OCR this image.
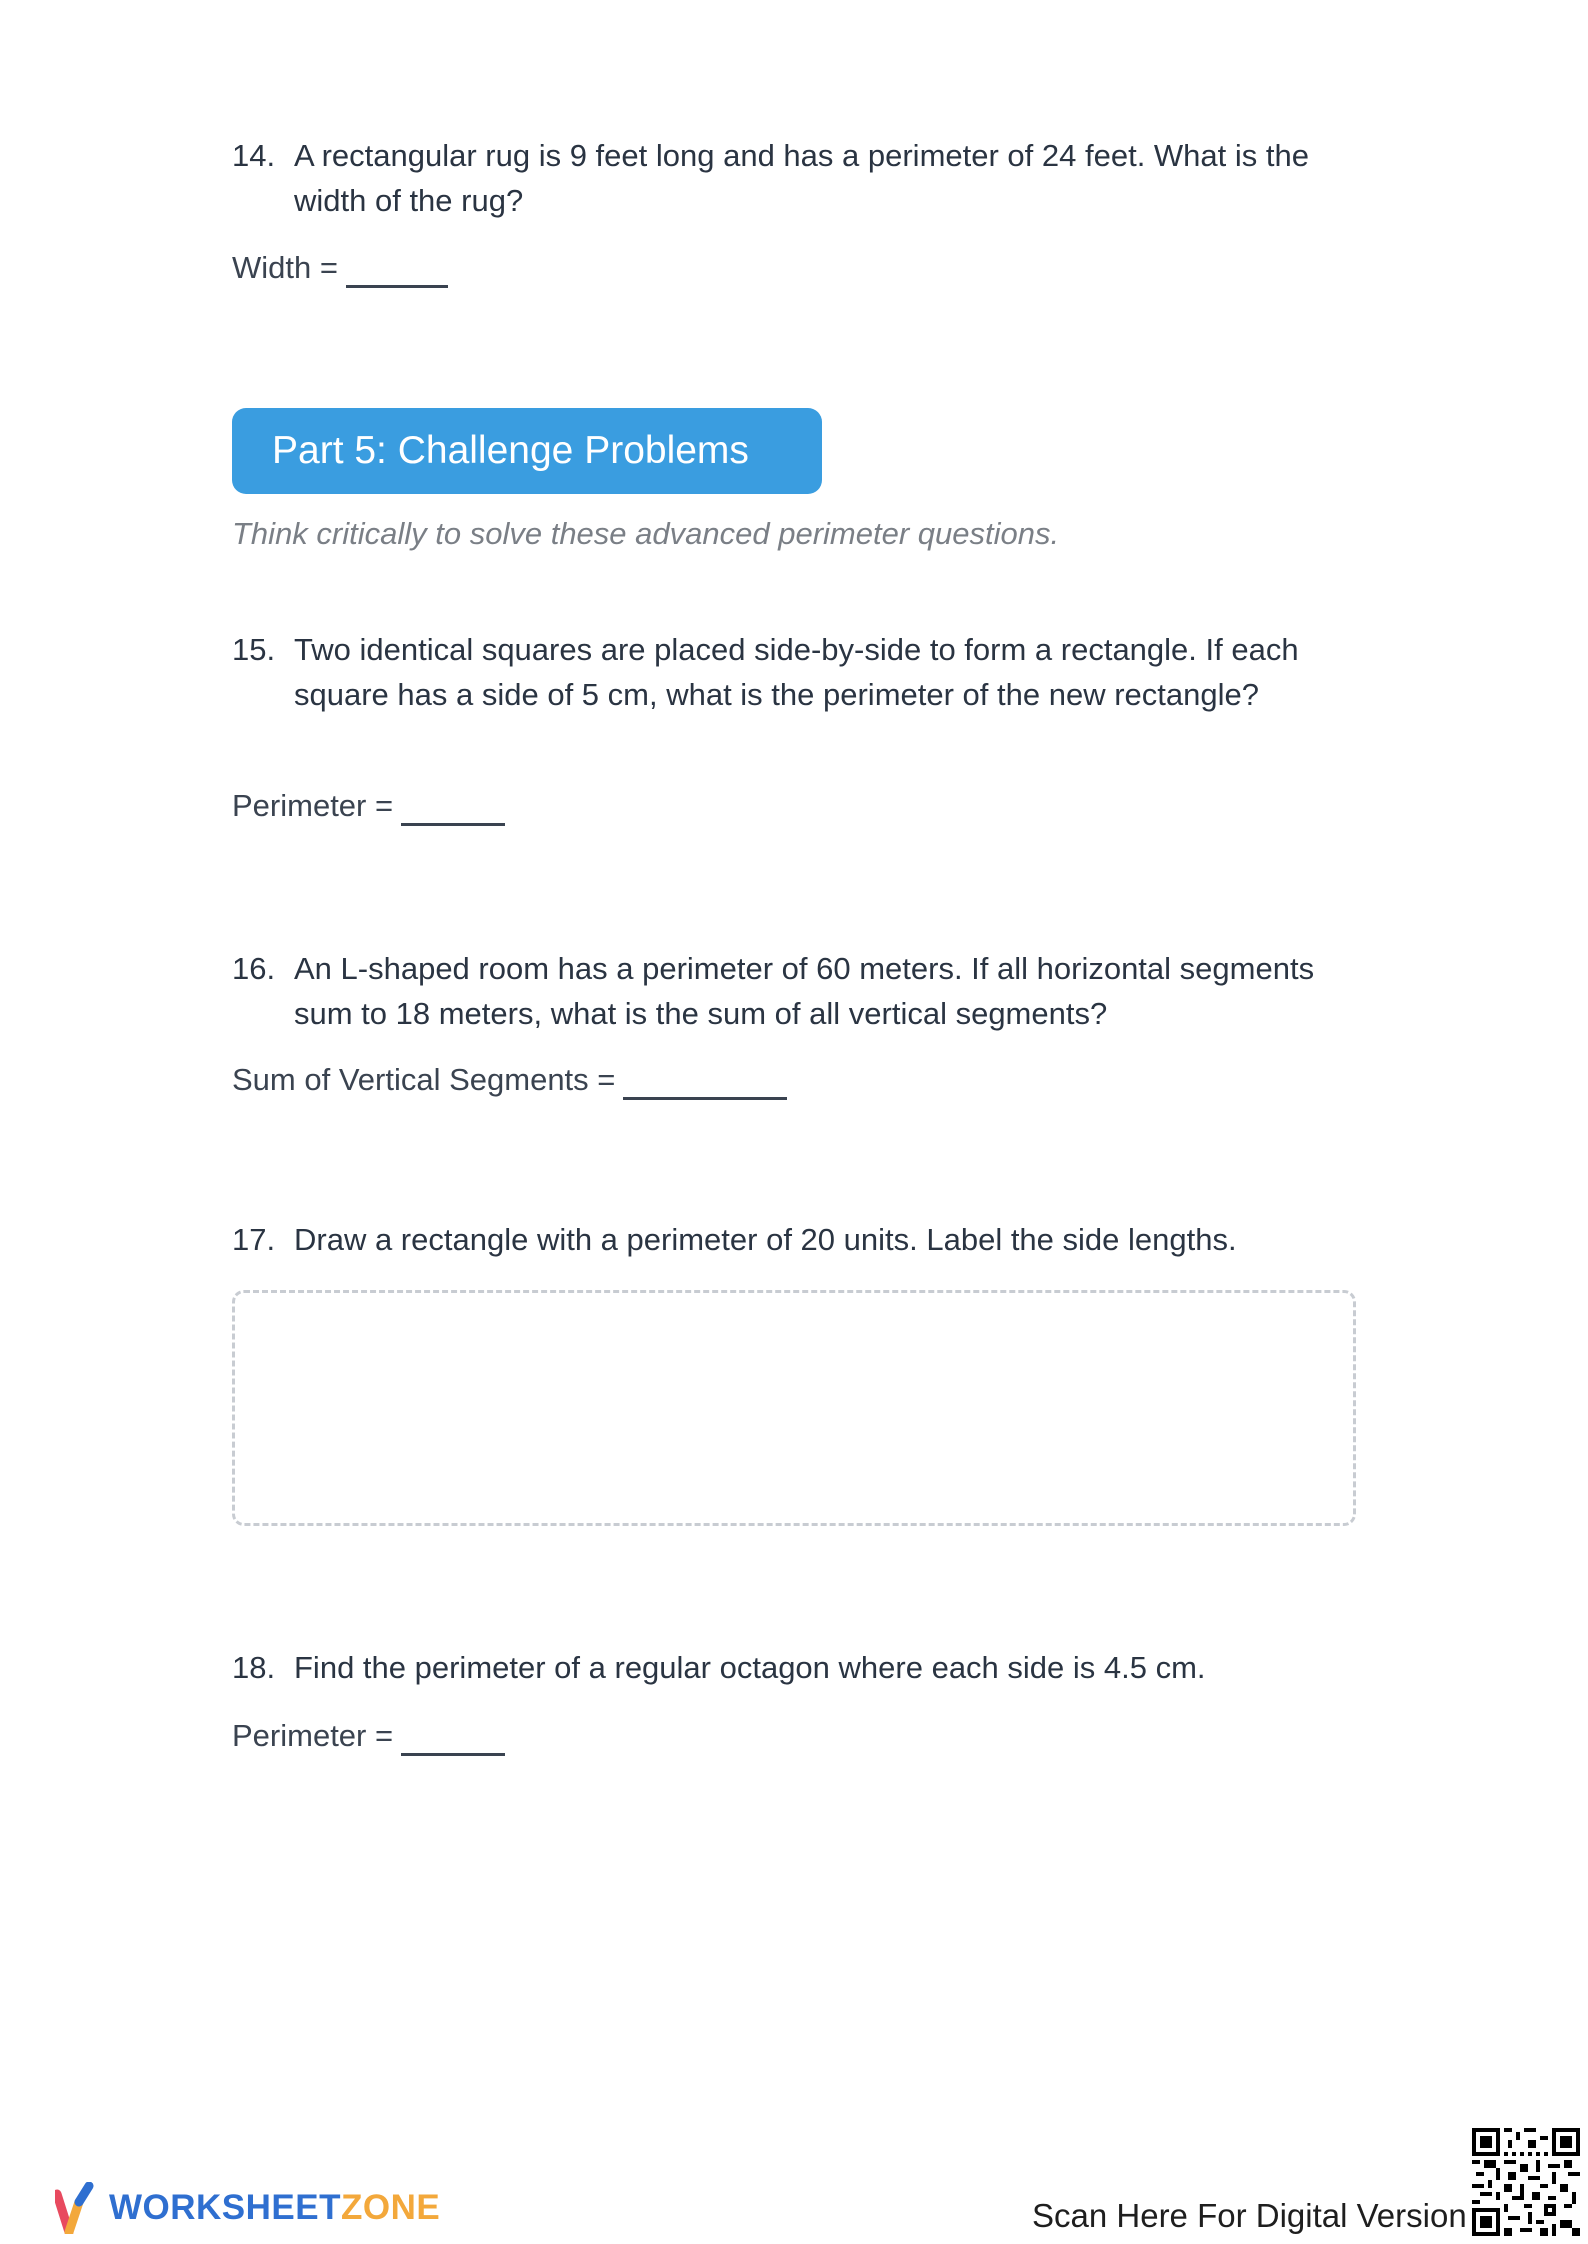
14. A rectangular rug is 9 feet long and has a perimeter of 24 feet. What is the width of the rug?
Width =
Part 5: Challenge Problems
Think critically to solve these advanced perimeter questions.
15. Two identical squares are placed side-by-side to form a rectangle. If each square has a side of 5 cm, what is the perimeter of the new rectangle?
Perimeter =
16. An L-shaped room has a perimeter of 60 meters. If all horizontal segments sum to 18 meters, what is the sum of all vertical segments?
Sum of Vertical Segments =
17. Draw a rectangle with a perimeter of 20 units. Label the side lengths.
18. Find the perimeter of a regular octagon where each side is 4.5 cm.
Perimeter =
WORKSHEETZONE	Scan Here For Digital Version
